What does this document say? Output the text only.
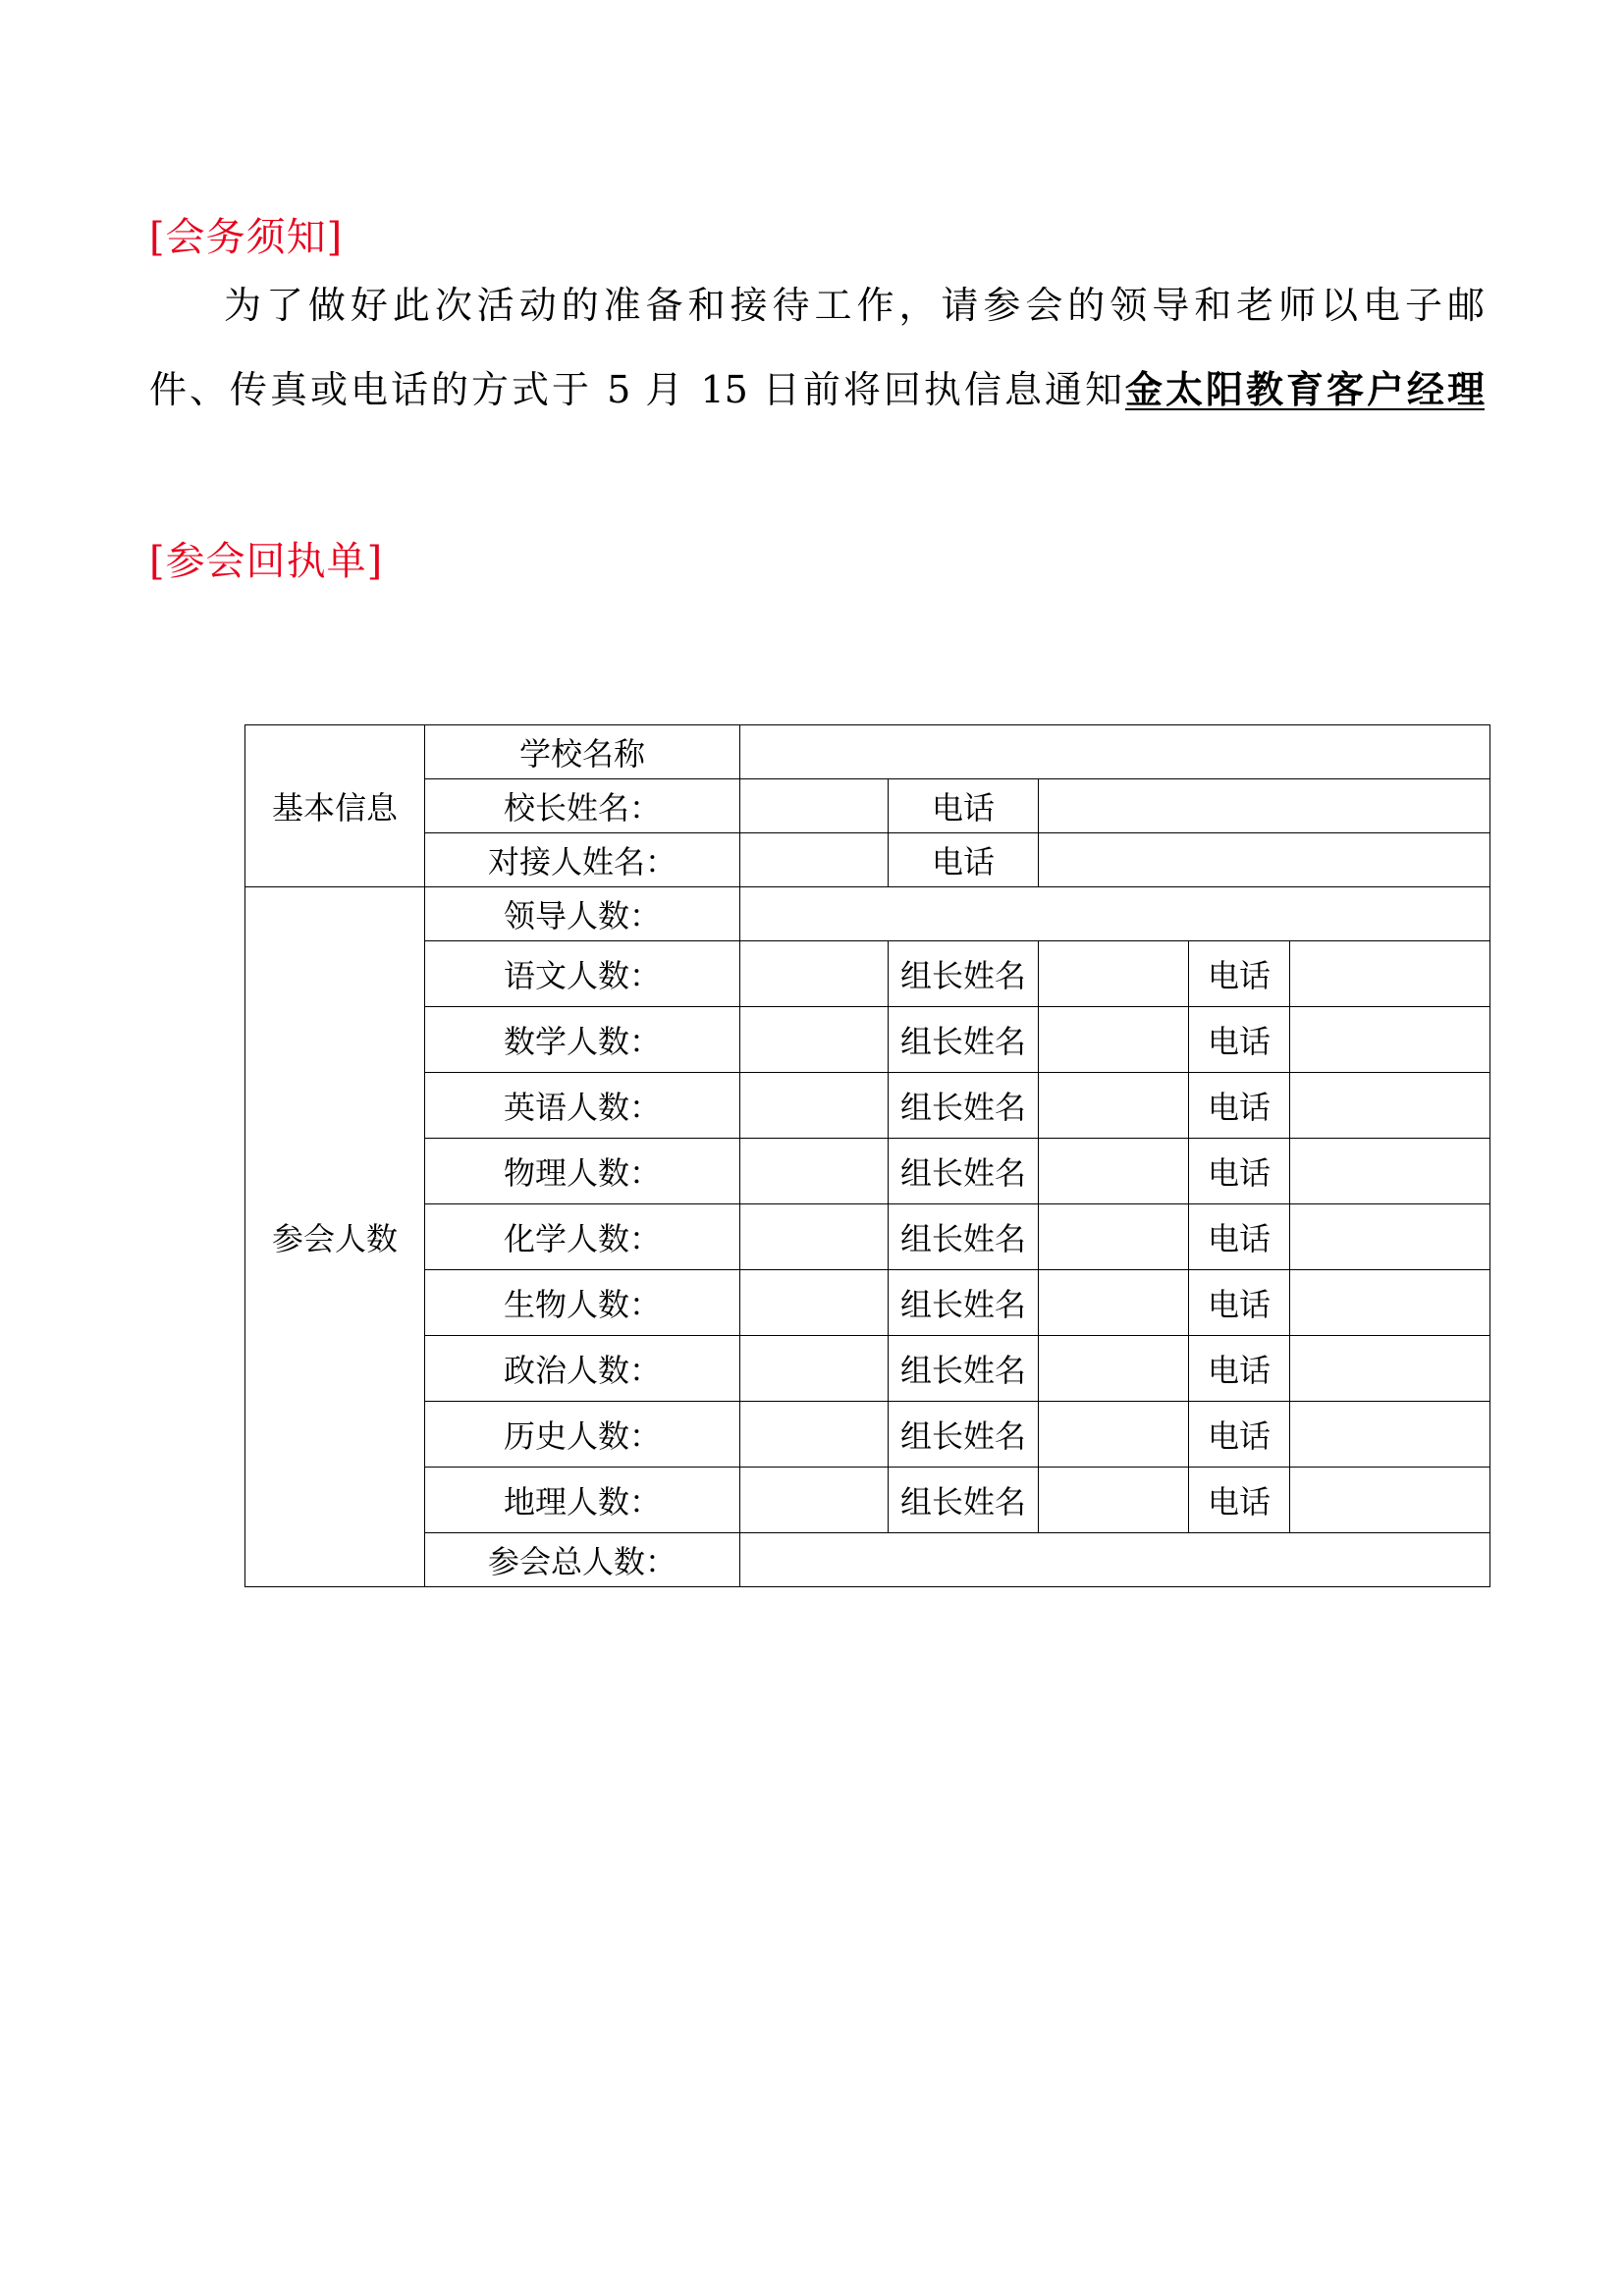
[会务须知]
为了做好此次活动的准备和接待工作，请参会的领导和老师以电子邮
件、传真或电话的方式于 5 月 15 日前将回执信息通知金太阳教育客户经理
[参会回执单]
基本信息	学校名称					
	校长姓名：		电话			
	对接人姓名：		电话			
参会人数	领导人数：					
	语文人数：		组长姓名		电话	
	数学人数：		组长姓名		电话	
	英语人数：		组长姓名		电话	
	物理人数：		组长姓名		电话	
	化学人数：		组长姓名		电话	
	生物人数：		组长姓名		电话	
	政治人数：		组长姓名		电话	
	历史人数：		组长姓名		电话	
	地理人数：		组长姓名		电话	
	参会总人数：					
